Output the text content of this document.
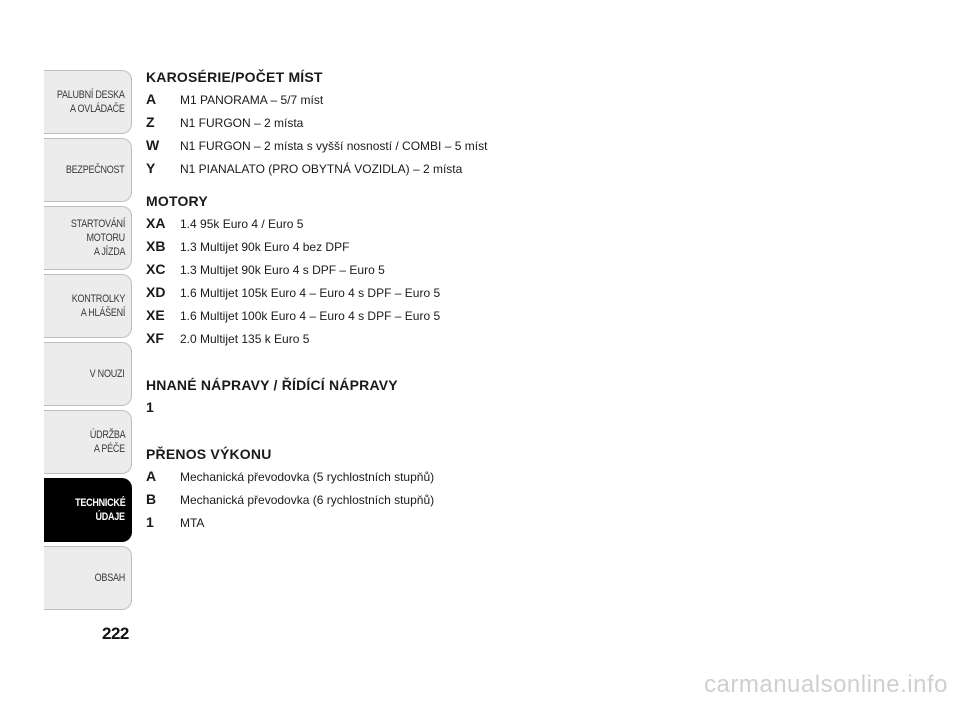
PALUBNÍ DESKA
A OVLÁDAČE
BEZPEČNOST
STARTOVÁNÍ
MOTORU
A JÍZDA
KONTROLKY
A HLÁŠENÍ
V NOUZI
ÚDRŽBA
A PÉČE
TECHNICKÉ
ÚDAJE
OBSAH
222
KAROSÉRIE/POČET MÍST
A	M1 PANORAMA – 5/7 míst
Z	N1 FURGON – 2 místa
W	N1 FURGON – 2 místa s vyšší nosností / COMBI – 5 míst
Y	N1 PIANALATO (PRO OBYTNÁ VOZIDLA) – 2 místa
MOTORY
XA	1.4 95k Euro 4 / Euro 5
XB	1.3 Multijet 90k Euro 4 bez DPF
XC	1.3 Multijet 90k Euro 4 s DPF – Euro 5
XD	1.6 Multijet 105k Euro 4 – Euro 4 s DPF – Euro 5
XE	1.6 Multijet 100k Euro 4 – Euro 4 s DPF – Euro 5
XF	2.0 Multijet 135 k Euro 5
HNANÉ NÁPRAVY / ŘÍDÍCÍ NÁPRAVY
1
PŘENOS VÝKONU
A	Mechanická převodovka (5 rychlostních stupňů)
B	Mechanická převodovka (6 rychlostních stupňů)
1	MTA
carmanualsonline.info
